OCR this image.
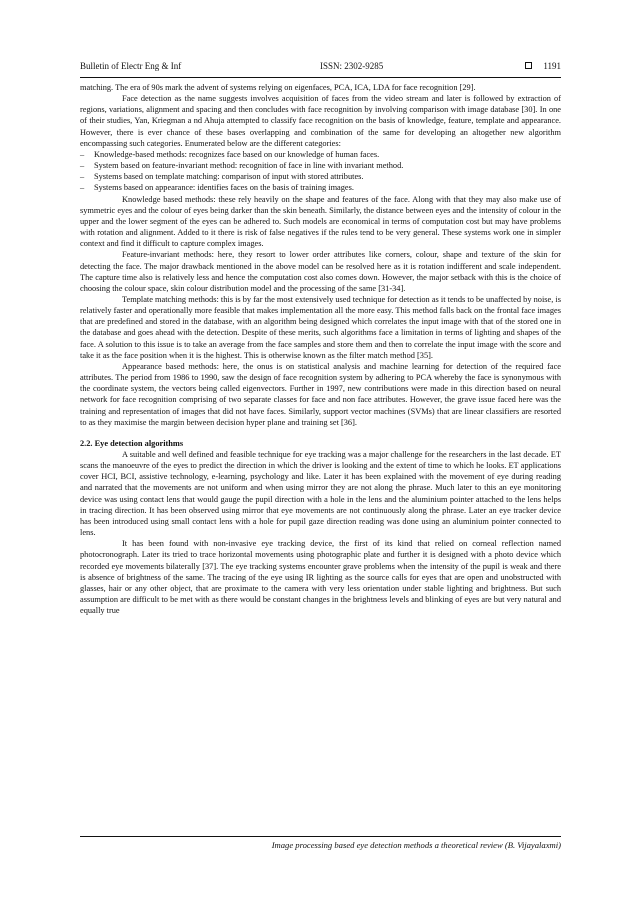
Bulletin of Electr Eng & Inf	ISSN: 2302-9285	1191

matching. The era of 90s mark the advent of systems relying on eigenfaces, PCA, ICA, LDA for face recognition [29].

Face detection as the name suggests involves acquisition of faces from the video stream and later is followed by extraction of regions, variations, alignment and spacing and then concludes with face recognition by involving comparison with image database [30]. In one of their studies, Yan, Kriegman a nd Ahuja attempted to classify face recognition on the basis of knowledge, feature, template and appearance. However, there is ever chance of these bases overlapping and combination of the same for developing an altogether new algorithm encompassing such categories. Enumerated below are the different categories:

– Knowledge-based methods: recognizes face based on our knowledge of human faces.
– System based on feature-invariant method: recognition of face in line with invariant method.
– Systems based on template matching: comparison of input with stored attributes.
– Systems based on appearance: identifies faces on the basis of training images.

Knowledge based methods: these rely heavily on the shape and features of the face. Along with that they may also make use of symmetric eyes and the colour of eyes being darker than the skin beneath. Similarly, the distance between eyes and the intensity of colour in the upper and the lower segment of the eyes can be adhered to. Such models are economical in terms of computation cost but may have problems with rotation and alignment. Added to it there is risk of false negatives if the rules tend to be very general. These systems work one in simpler context and find it difficult to capture complex images.

Feature-invariant methods: here, they resort to lower order attributes like corners, colour, shape and texture of the skin for detecting the face. The major drawback mentioned in the above model can be resolved here as it is rotation indifferent and scale independent. The capture time also is relatively less and hence the computation cost also comes down. However, the major setback with this is the choice of choosing the colour space, skin colour distribution model and the processing of the same [31-34].

Template matching methods: this is by far the most extensively used technique for detection as it tends to be unaffected by noise, is relatively faster and operationally more feasible that makes implementation all the more easy. This method falls back on the frontal face images that are predefined and stored in the database, with an algorithm being designed which correlates the input image with that of the stored one in the database and goes ahead with the detection. Despite of these merits, such algorithms face a limitation in terms of lighting and shapes of the face. A solution to this issue is to take an average from the face samples and store them and then to correlate the input image with the score and take it as the face position when it is the highest. This is otherwise known as the filter match method [35].

Appearance based methods: here, the onus is on statistical analysis and machine learning for detection of the required face attributes. The period from 1986 to 1990, saw the design of face recognition system by adhering to PCA whereby the face is synonymous with the coordinate system, the vectors being called eigenvectors. Further in 1997, new contributions were made in this direction based on neural network for face recognition comprising of two separate classes for face and non face attributes. However, the grave issue faced here was the training and representation of images that did not have faces. Similarly, support vector machines (SVMs) that are linear classifiers are resorted to as they maximise the margin between decision hyper plane and training set [36].

2.2. Eye detection algorithms

A suitable and well defined and feasible technique for eye tracking was a major challenge for the researchers in the last decade. ET scans the manoeuvre of the eyes to predict the direction in which the driver is looking and the extent of time to which he looks. ET applications cover HCI, BCI, assistive technology, e-learning, psychology and like. Later it has been explained with the movement of eye during reading and narrated that the movements are not uniform and when using mirror they are not along the phrase. Much later to this an eye monitoring device was using contact lens that would gauge the pupil direction with a hole in the lens and the aluminium pointer attached to the lens helps in tracing direction. It has been observed using mirror that eye movements are not continuously along the phrase. Later an eye tracker device has been introduced using small contact lens with a hole for pupil gaze direction reading was done using an aluminium pointer connected to lens.

It has been found with non-invasive eye tracking device, the first of its kind that relied on corneal reflection named photocronograph. Later its tried to trace horizontal movements using photographic plate and further it is designed with a photo device which recorded eye movements bilaterally [37]. The eye tracking systems encounter grave problems when the intensity of the pupil is weak and there is absence of brightness of the same. The tracing of the eye using IR lighting as the source calls for eyes that are open and unobstructed with glasses, hair or any other object, that are proximate to the camera with very less orientation under stable lighting and brightness. But such assumption are difficult to be met with as there would be constant changes in the brightness levels and blinking of eyes are but very natural and equally true

Image processing based eye detection methods a theoretical review (B. Vijayalaxmi)
